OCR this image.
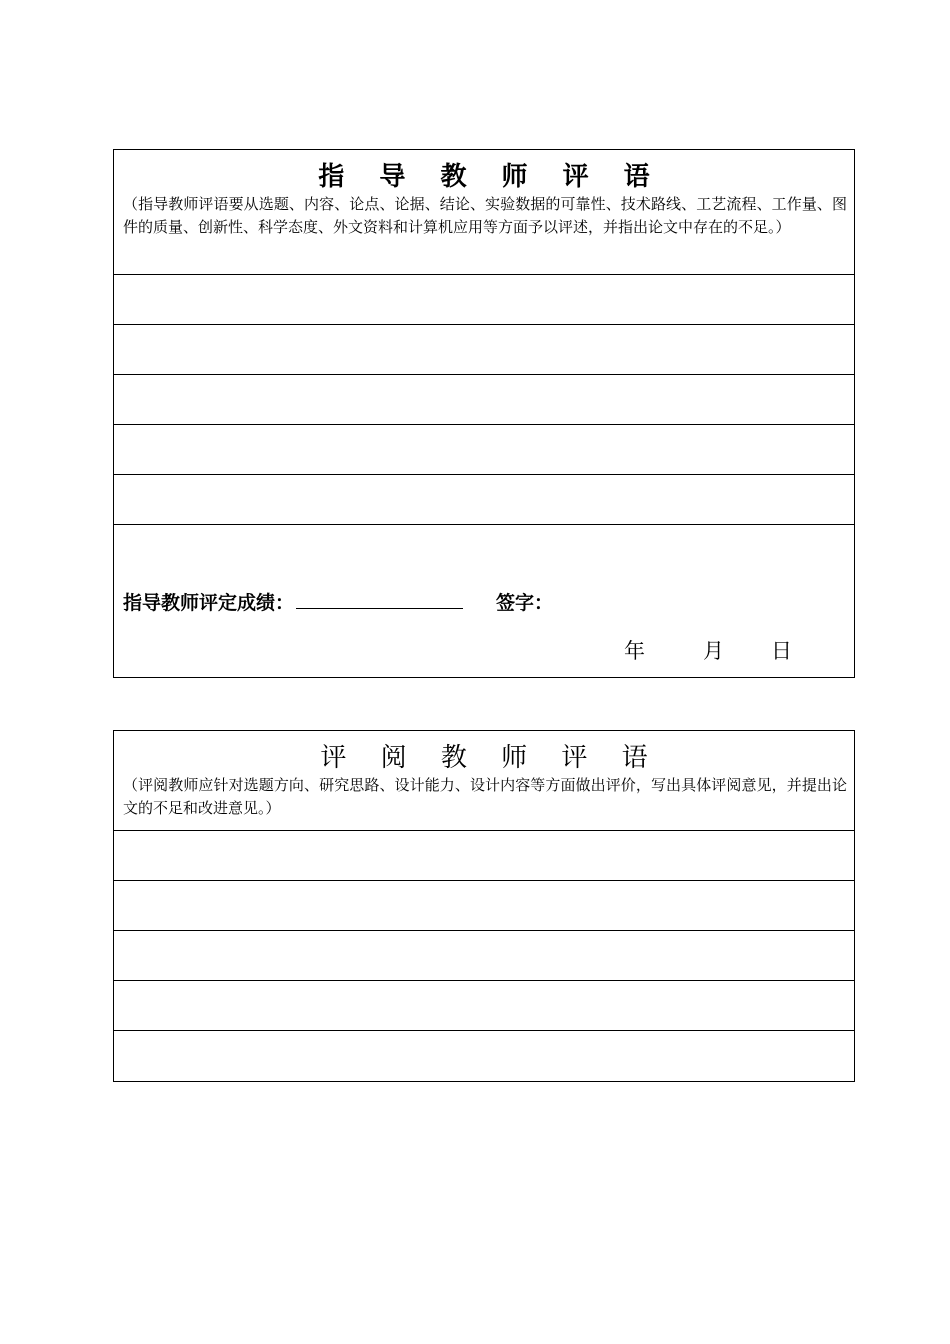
指 导 教 师 评 语
（指导教师评语要从选题、内容、论点、论据、结论、实验数据的可靠性、技术路线、工艺流程、工作量、图件的质量、创新性、科学态度、外文资料和计算机应用等方面予以评述，并指出论文中存在的不足。）
指导教师评定成绩：	签字：
年	月 日
评 阅 教 师 评 语
（评阅教师应针对选题方向、研究思路、设计能力、设计内容等方面做出评价，写出具体评阅意见，并提出论文的不足和改进意见。）
